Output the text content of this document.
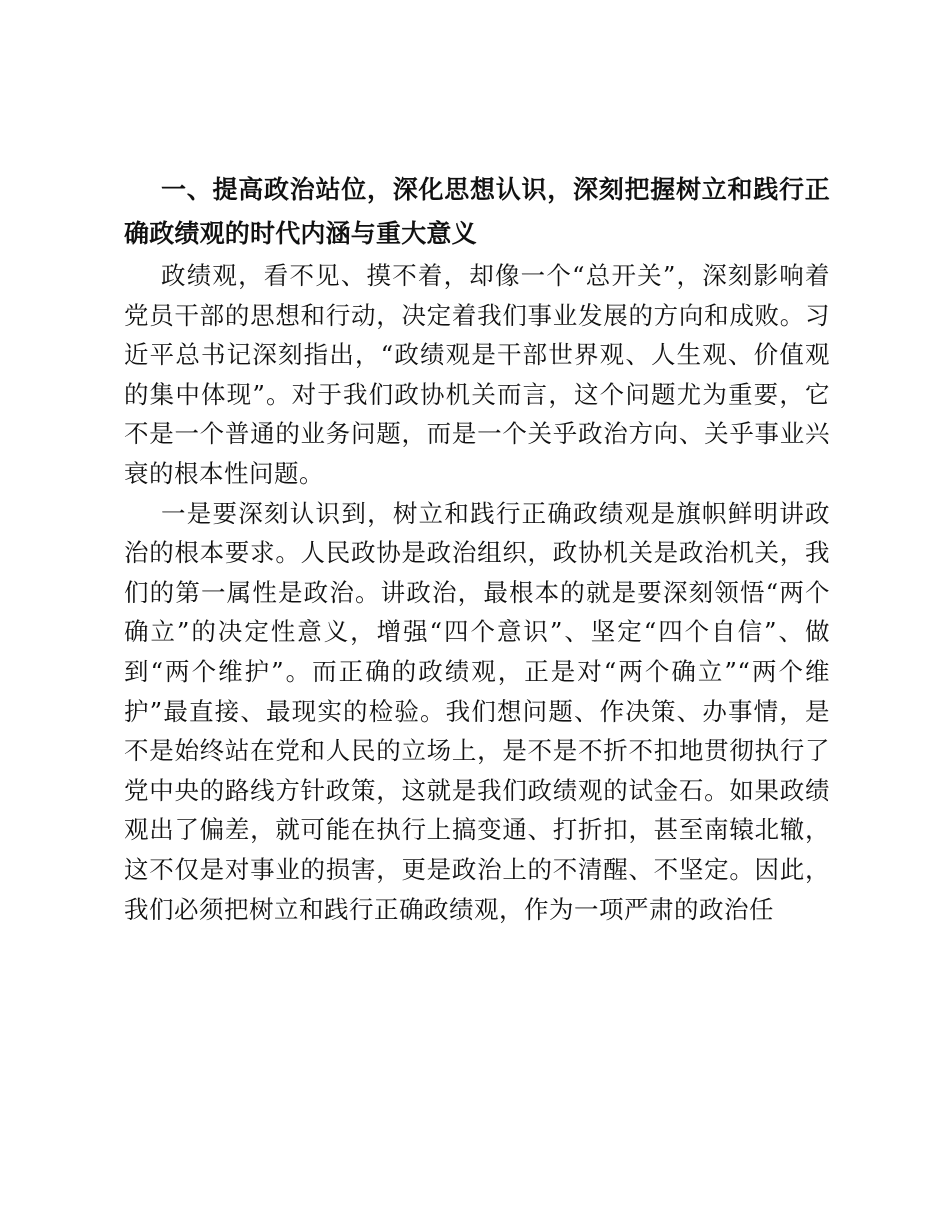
一、提高政治站位，深化思想认识，深刻把握树立和践行正确政绩观的时代内涵与重大意义

政绩观，看不见、摸不着，却像一个“总开关”，深刻影响着党员干部的思想和行动，决定着我们事业发展的方向和成败。习近平总书记深刻指出，“政绩观是干部世界观、人生观、价值观的集中体现”。对于我们政协机关而言，这个问题尤为重要，它不是一个普通的业务问题，而是一个关乎政治方向、关乎事业兴衰的根本性问题。

一是要深刻认识到，树立和践行正确政绩观是旗帜鲜明讲政治的根本要求。人民政协是政治组织，政协机关是政治机关，我们的第一属性是政治。讲政治，最根本的就是要深刻领悟“两个确立”的决定性意义，增强“四个意识”、坚定“四个自信”、做到“两个维护”。而正确的政绩观，正是对“两个确立”“两个维护”最直接、最现实的检验。我们想问题、作决策、办事情，是不是始终站在党和人民的立场上，是不是不折不扣地贯彻执行了党中央的路线方针政策，这就是我们政绩观的试金石。如果政绩观出了偏差，就可能在执行上搞变通、打折扣，甚至南辕北辙，这不仅是对事业的损害，更是政治上的不清醒、不坚定。因此，我们必须把树立和践行正确政绩观，作为一项严肃的政治任
